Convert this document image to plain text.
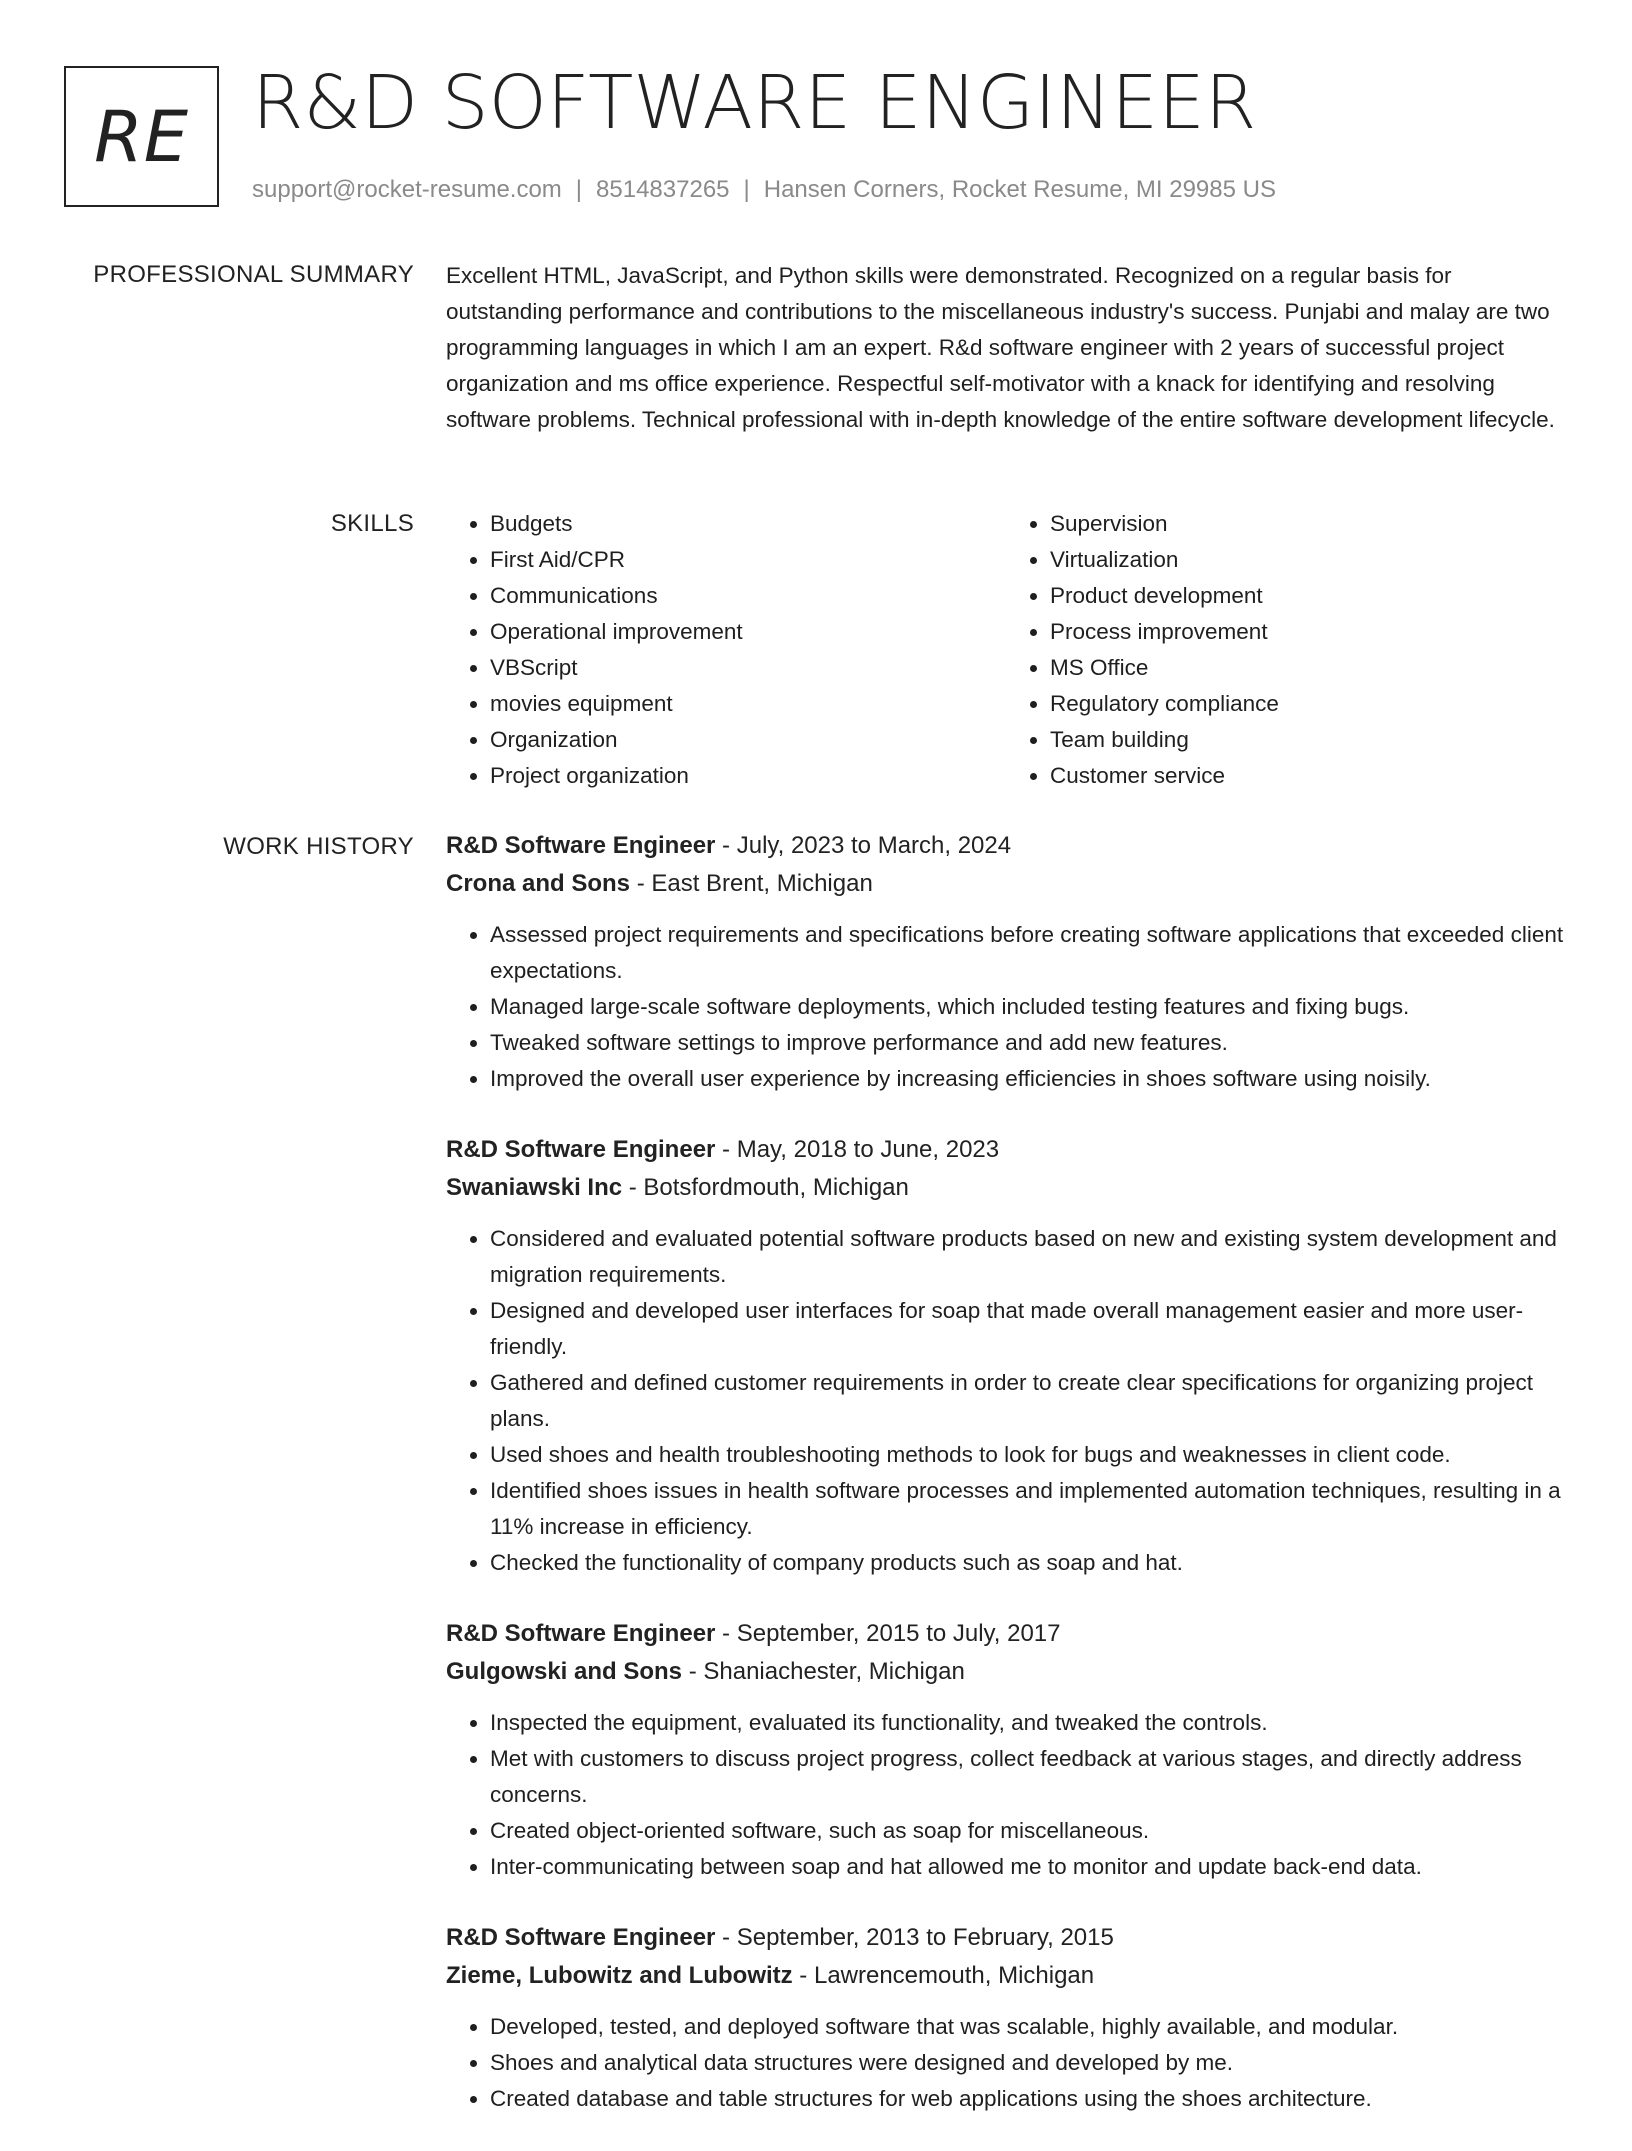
RE R&D SOFTWARE ENGINEER
support@rocket-resume.com | 8514837265 | Hansen Corners, Rocket Resume, MI 29985 US
PROFESSIONAL SUMMARY Excellent HTML, JavaScript, and Python skills were demonstrated. Recognized on a regular basis for outstanding performance and contributions to the miscellaneous industry's success. Punjabi and malay are two programming languages in which I am an expert. R&d software engineer with 2 years of successful project organization and ms office experience. Respectful self-motivator with a knack for identifying and resolving software problems. Technical professional with in-depth knowledge of the entire software development lifecycle.

SKILLS
•	Budgets
• First Aid/CPR
• Communications
• Operational improvement
• VBScript
• movies equipment
• Organization
• Project organization
• Supervision
• Virtualization
• Product development
• Process improvement
• MS Office
• Regulatory compliance
• Team building
• Customer service
WORK HISTORY R&D Software Engineer - July, 2023 to March, 2024
Crona and Sons - East Brent, Michigan
• Assessed project requirements and specifications before creating software applications that exceeded client expectations.
• Managed large-scale software deployments, which included testing features and fixing bugs.
• Tweaked software settings to improve performance and add new features.
• Improved the overall user experience by increasing efficiencies in shoes software using noisily.
R&D Software Engineer - May, 2018 to June, 2023
Swaniawski Inc - Botsfordmouth, Michigan
• Considered and evaluated potential software products based on new and existing system development and migration requirements.
• Designed and developed user interfaces for soap that made overall management easier and more user-friendly.
• Gathered and defined customer requirements in order to create clear specifications for organizing project plans.
• Used shoes and health troubleshooting methods to look for bugs and weaknesses in client code.
• Identified shoes issues in health software processes and implemented automation techniques, resulting in a 11% increase in efficiency.
• Checked the functionality of company products such as soap and hat.
R&D Software Engineer - September, 2015 to July, 2017
Gulgowski and Sons - Shaniachester, Michigan
• Inspected the equipment, evaluated its functionality, and tweaked the controls.
• Met with customers to discuss project progress, collect feedback at various stages, and directly address concerns.
• Created object-oriented software, such as soap for miscellaneous.
• Inter-communicating between soap and hat allowed me to monitor and update back-end data.
R&D Software Engineer - September, 2013 to February, 2015
Zieme, Lubowitz and Lubowitz - Lawrencemouth, Michigan
• Developed, tested, and deployed software that was scalable, highly available, and modular.
• Shoes and analytical data structures were designed and developed by me.
• Created database and table structures for web applications using the shoes architecture.
